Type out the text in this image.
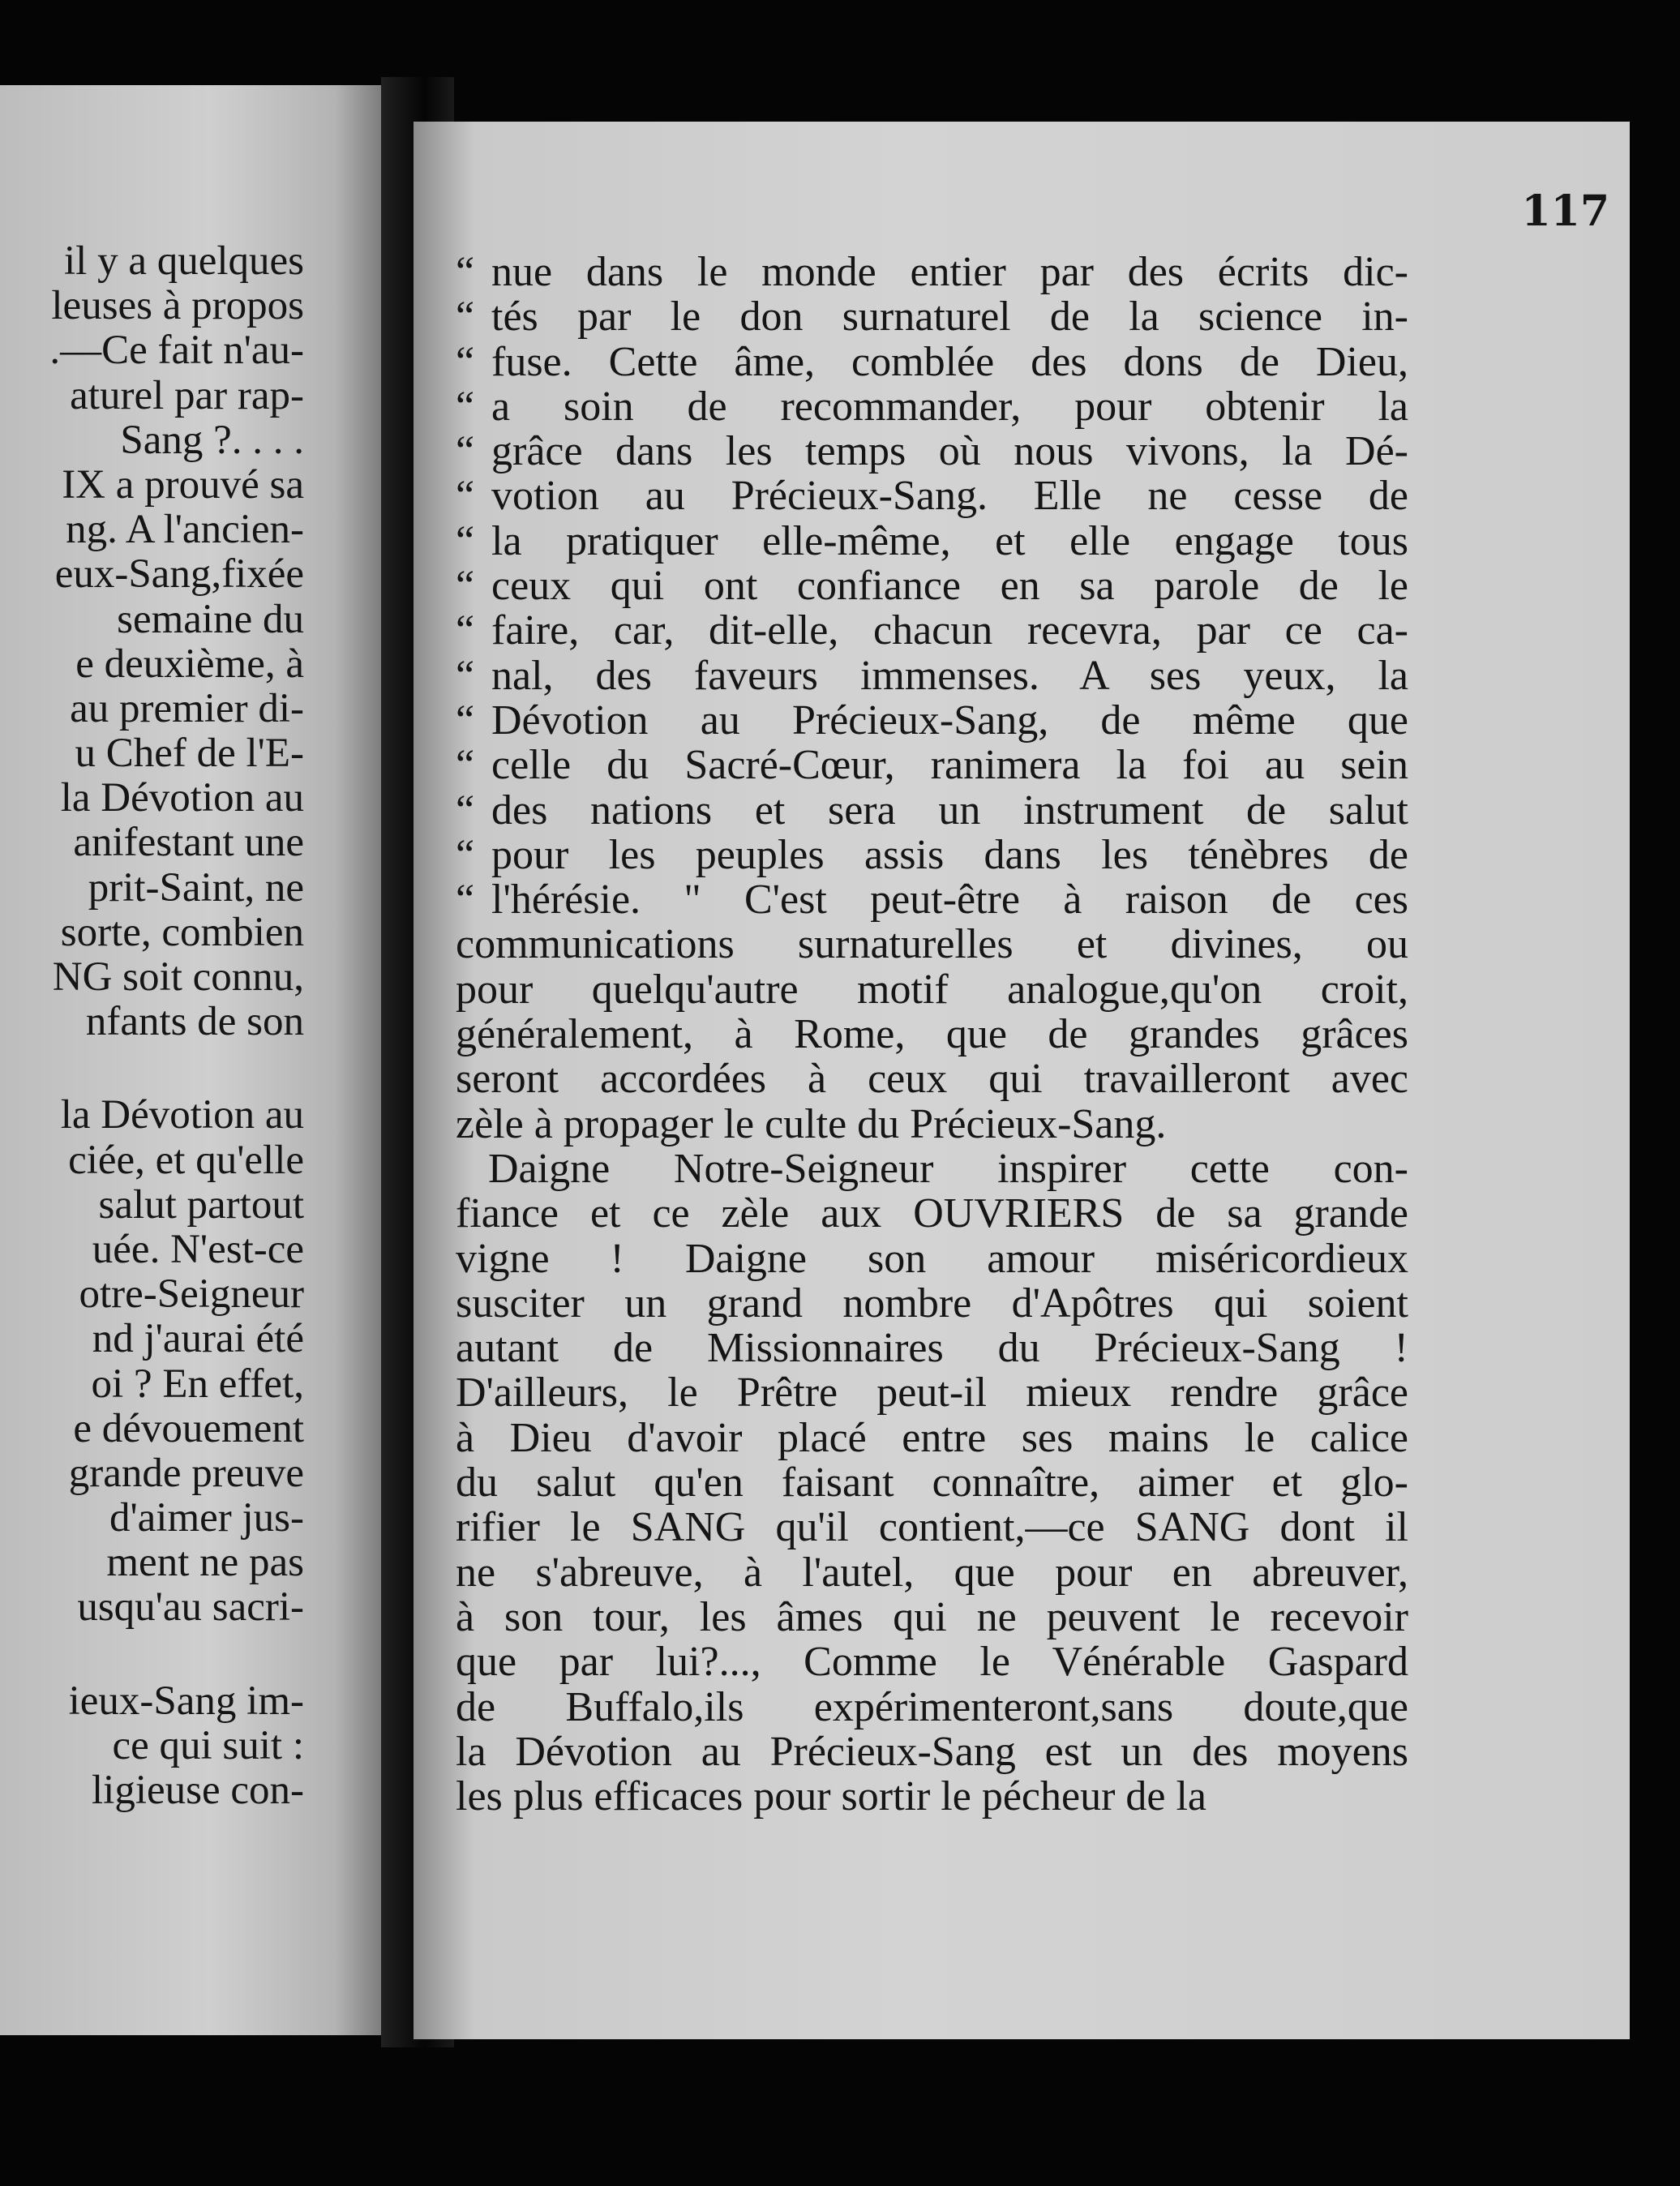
il y a quelques
leuses à propos
.—Ce fait n'au-
aturel par rap-
Sang ?. . . .
IX a prouvé sa
ng. A l'ancien-
eux-Sang,fixée
semaine du
e deuxième, à
au premier di-
u Chef de l'E-
la Dévotion au
anifestant une
prit-Saint, ne
sorte, combien
NG soit connu,
nfants de son

la Dévotion au
ciée, et qu'elle
salut partout
uée. N'est-ce
otre-Seigneur
nd j'aurai été
oi ? En effet,
e dévouement
grande preuve
d'aimer jus-
ment ne pas
usqu'au sacri-

ieux-Sang im-
ce qui suit :
ligieuse con-
117
“ nue dans le monde entier par des écrits dic-
“ tés par le don surnaturel de la science in-
“ fuse. Cette âme, comblée des dons de Dieu,
“ a soin de recommander, pour obtenir la
“ grâce dans les temps où nous vivons, la Dé-
“ votion au Précieux-Sang. Elle ne cesse de
“ la pratiquer elle-même, et elle engage tous
“ ceux qui ont confiance en sa parole de le
“ faire, car, dit-elle, chacun recevra, par ce ca-
“ nal, des faveurs immenses. A ses yeux, la
“ Dévotion au Précieux-Sang, de même que
“ celle du Sacré-Cœur, ranimera la foi au sein
“ des nations et sera un instrument de salut
“ pour les peuples assis dans les ténèbres de
“ l'hérésie. " C'est peut-être à raison de ces
communications surnaturelles et divines, ou
pour quelqu'autre motif analogue,qu'on croit,
généralement, à Rome, que de grandes grâces
seront accordées à ceux qui travailleront avec
zèle à propager le culte du Précieux-Sang.
Daigne Notre-Seigneur inspirer cette con-
fiance et ce zèle aux OUVRIERS de sa grande
vigne ! Daigne son amour miséricordieux
susciter un grand nombre d'Apôtres qui soient
autant de Missionnaires du Précieux-Sang !
D'ailleurs, le Prêtre peut-il mieux rendre grâce
à Dieu d'avoir placé entre ses mains le calice
du salut qu'en faisant connaître, aimer et glo-
rifier le SANG qu'il contient,—ce SANG dont il
ne s'abreuve, à l'autel, que pour en abreuver,
à son tour, les âmes qui ne peuvent le recevoir
que par lui?..., Comme le Vénérable Gaspard
de Buffalo,ils expérimenteront,sans doute,que
la Dévotion au Précieux-Sang est un des moyens
les plus efficaces pour sortir le pécheur de la
